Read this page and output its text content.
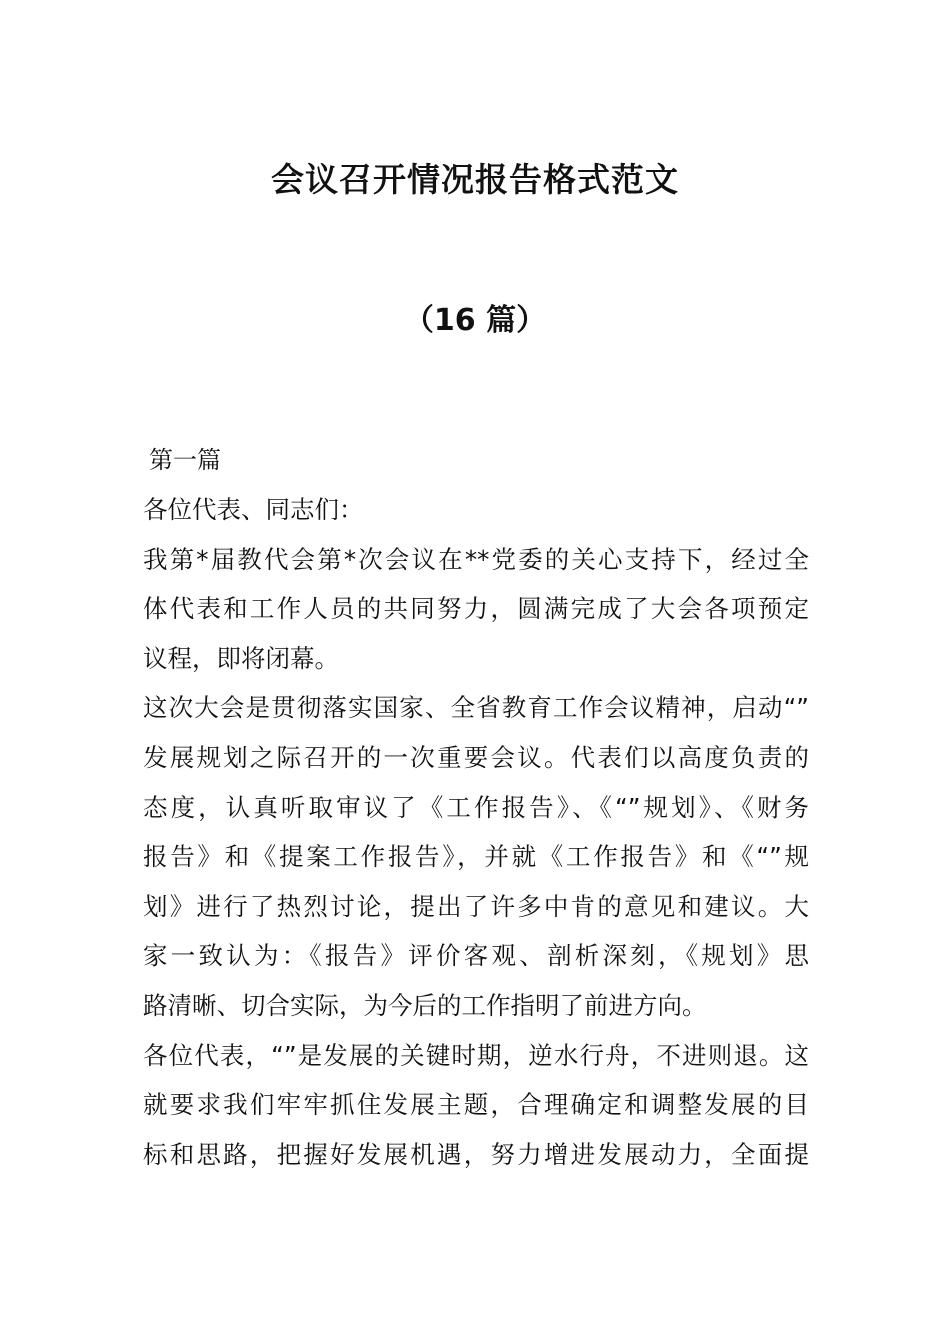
会议召开情况报告格式范文
（16 篇）

第一篇

各位代表、同志们：

我第*届教代会第*次会议在**党委的关心支持下，经过全

体代表和工作人员的共同努力，圆满完成了大会各项预定

议程，即将闭幕。

这次大会是贯彻落实国家、全省教育工作会议精神，启动“”

发展规划之际召开的一次重要会议。代表们以高度负责的

态度，认真听取审议了《工作报告》、《“”规划》、《财务

报告》和《提案工作报告》，并就《工作报告》和《“”规

划》进行了热烈讨论，提出了许多中肯的意见和建议。大

家一致认为：《报告》评价客观、剖析深刻，《规划》思

路清晰、切合实际，为今后的工作指明了前进方向。

各位代表，“”是发展的关键时期，逆水行舟，不进则退。这

就要求我们牢牢抓住发展主题，合理确定和调整发展的目

标和思路，把握好发展机遇，努力增进发展动力，全面提
